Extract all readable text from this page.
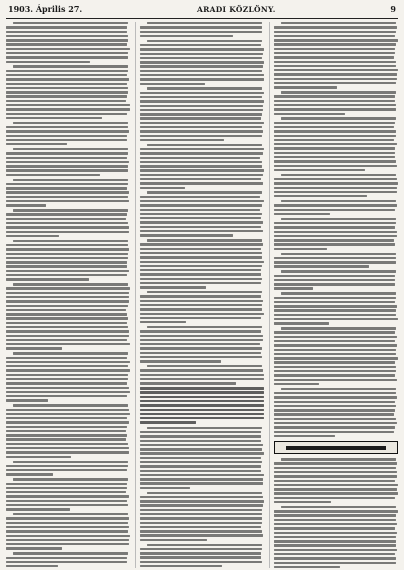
1903. Április 27.	ARADI KÖZLÖNY.	9
